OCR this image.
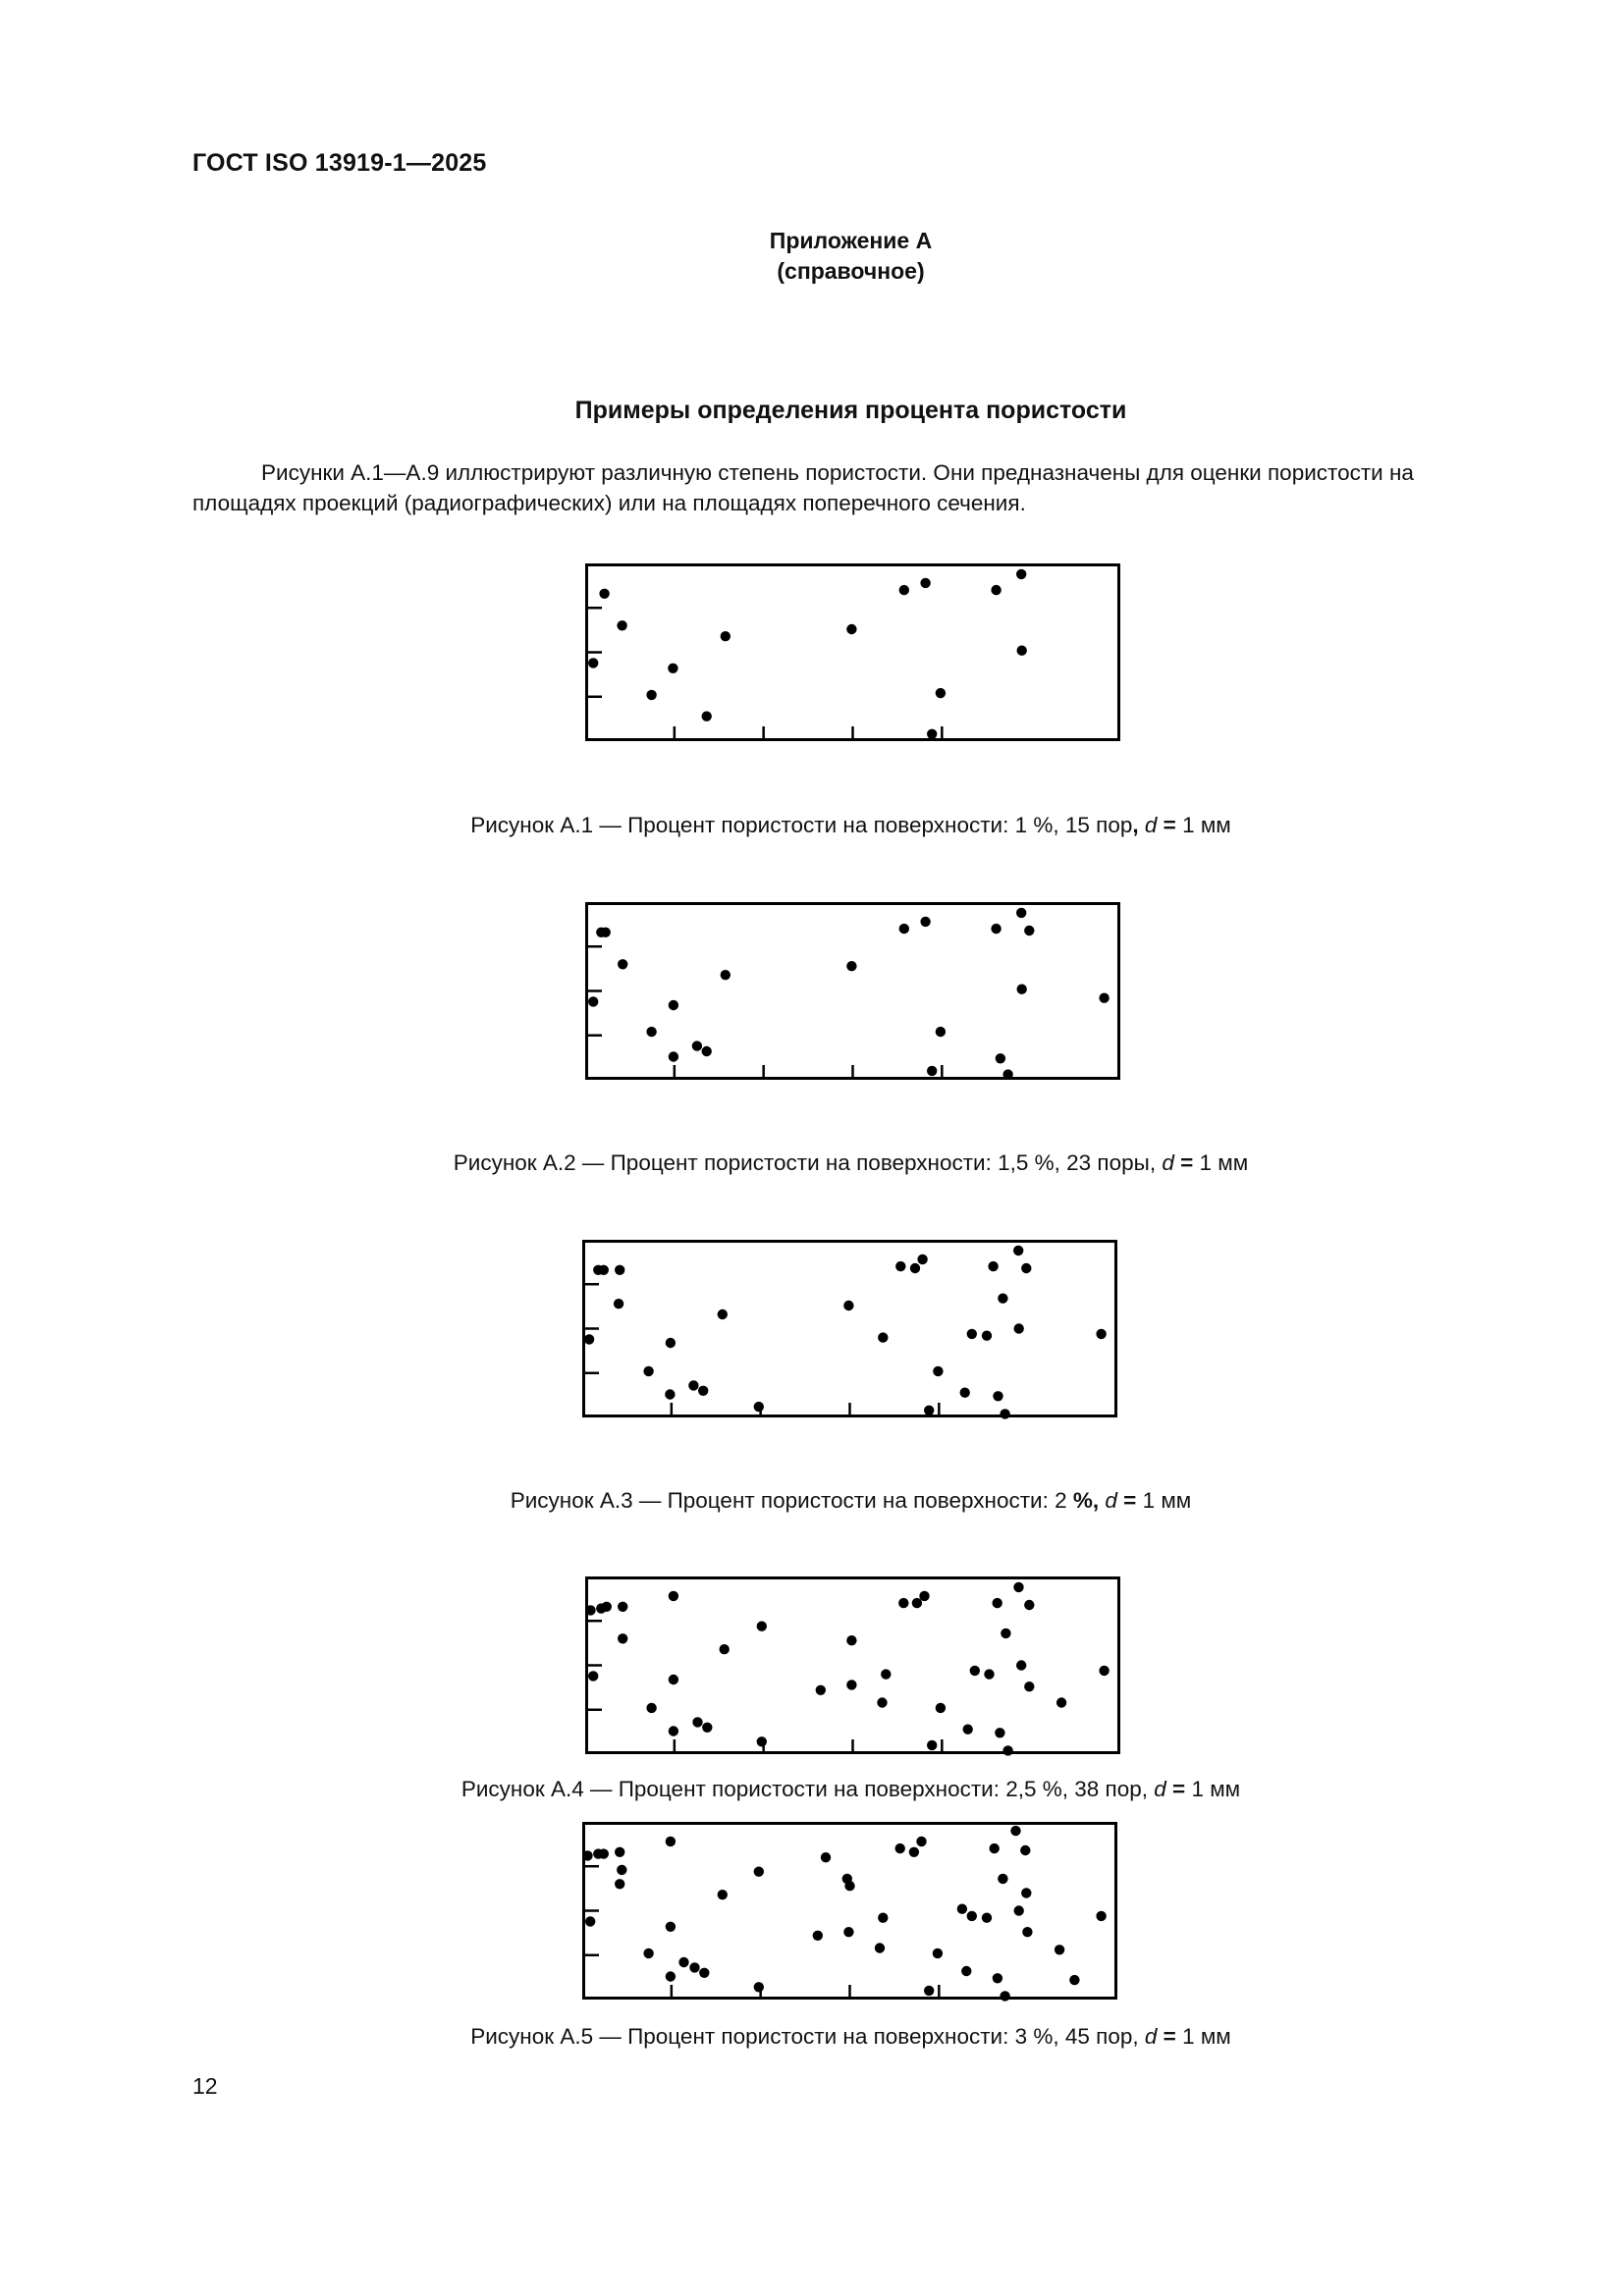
ГОСТ ISO 13919-1—2025
Приложение А
(справочное)
Примеры определения процента пористости
Рисунки А.1—А.9 иллюстрируют различную степень пористости. Они предназначены для оценки пористости на площадях проекций (радиографических) или на площадях поперечного сечения.
Рисунок А.1 — Процент пористости на поверхности: 1 %, 15 пор, d = 1 мм
Рисунок А.2 — Процент пористости на поверхности: 1,5 %, 23 поры, d = 1 мм
Рисунок А.3 — Процент пористости на поверхности: 2 %, d = 1 мм
Рисунок А.4 — Процент пористости на поверхности: 2,5 %, 38 пор, d = 1 мм
Рисунок А.5 — Процент пористости на поверхности: 3 %, 45 пор, d = 1 мм
12
